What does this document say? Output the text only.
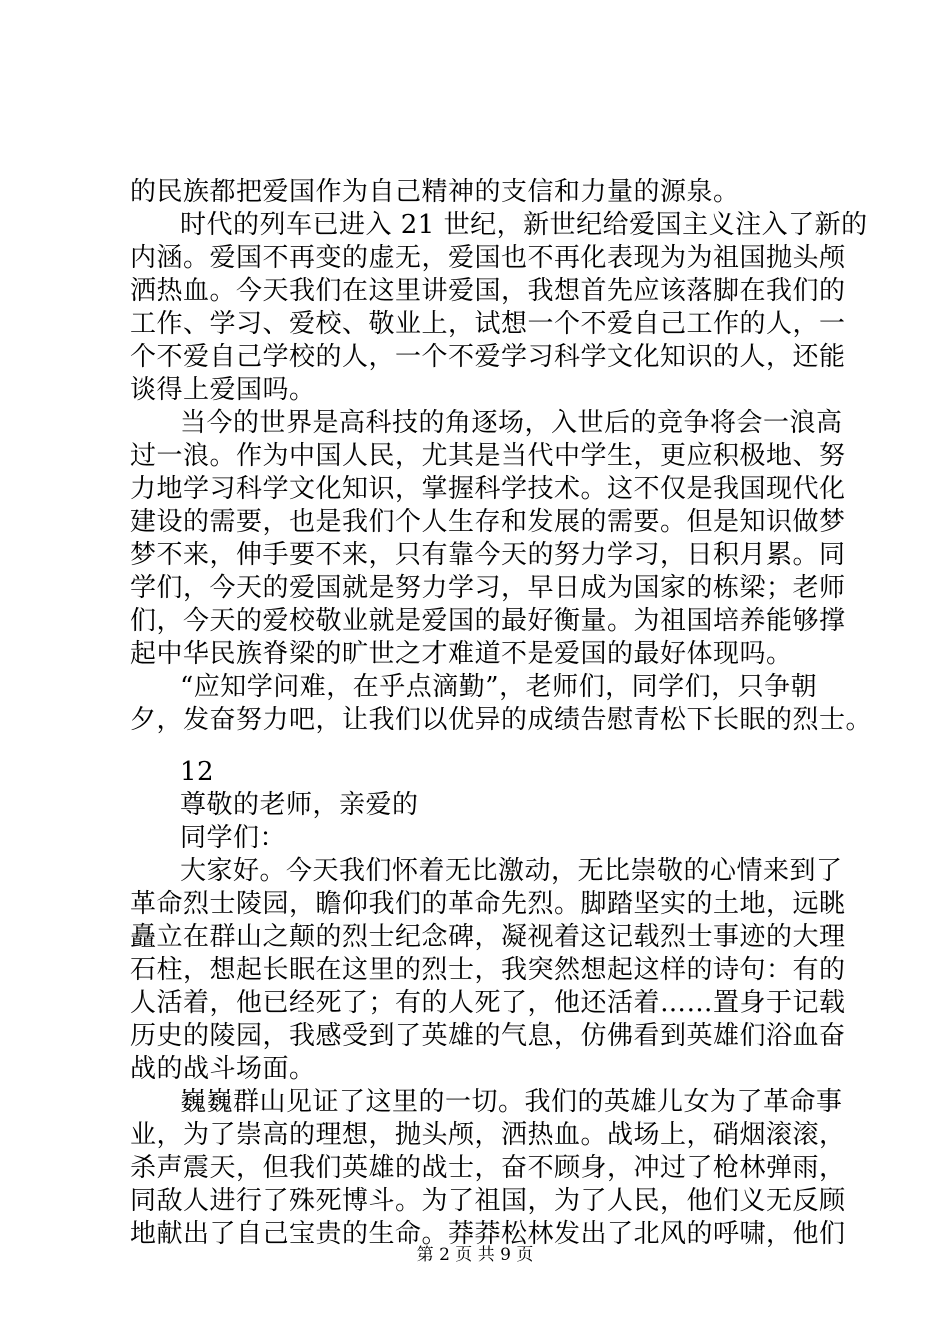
的民族都把爱国作为自己精神的支信和力量的源泉。
时代的列车已进入 21 世纪，新世纪给爱国主义注入了新的
内涵。爱国不再变的虚无，爱国也不再化表现为为祖国抛头颅
洒热血。今天我们在这里讲爱国，我想首先应该落脚在我们的
工作、学习、爱校、敬业上，试想一个不爱自己工作的人，一
个不爱自己学校的人，一个不爱学习科学文化知识的人，还能
谈得上爱国吗。
当今的世界是高科技的角逐场，入世后的竞争将会一浪高
过一浪。作为中国人民，尤其是当代中学生，更应积极地、努
力地学习科学文化知识，掌握科学技术。这不仅是我国现代化
建设的需要，也是我们个人生存和发展的需要。但是知识做梦
梦不来，伸手要不来，只有靠今天的努力学习，日积月累。同
学们，今天的爱国就是努力学习，早日成为国家的栋梁；老师
们，今天的爱校敬业就是爱国的最好衡量。为祖国培养能够撑
起中华民族脊梁的旷世之才难道不是爱国的最好体现吗。
“应知学问难，在乎点滴勤”，老师们，同学们，只争朝
夕，发奋努力吧，让我们以优异的成绩告慰青松下长眠的烈士。
12
尊敬的老师，亲爱的
同学们：
大家好。今天我们怀着无比激动，无比崇敬的心情来到了
革命烈士陵园，瞻仰我们的革命先烈。脚踏坚实的土地，远眺
矗立在群山之颠的烈士纪念碑，凝视着这记载烈士事迹的大理
石柱，想起长眠在这里的烈士，我突然想起这样的诗句：有的
人活着，他已经死了；有的人死了，他还活着……置身于记载
历史的陵园，我感受到了英雄的气息，仿佛看到英雄们浴血奋
战的战斗场面。
巍巍群山见证了这里的一切。我们的英雄儿女为了革命事
业，为了崇高的理想，抛头颅，洒热血。战场上，硝烟滚滚，
杀声震天，但我们英雄的战士，奋不顾身，冲过了枪林弹雨，
同敌人进行了殊死博斗。为了祖国，为了人民，他们义无反顾
地献出了自己宝贵的生命。莽莽松林发出了北风的呼啸，他们
第 2 页 共 9 页
